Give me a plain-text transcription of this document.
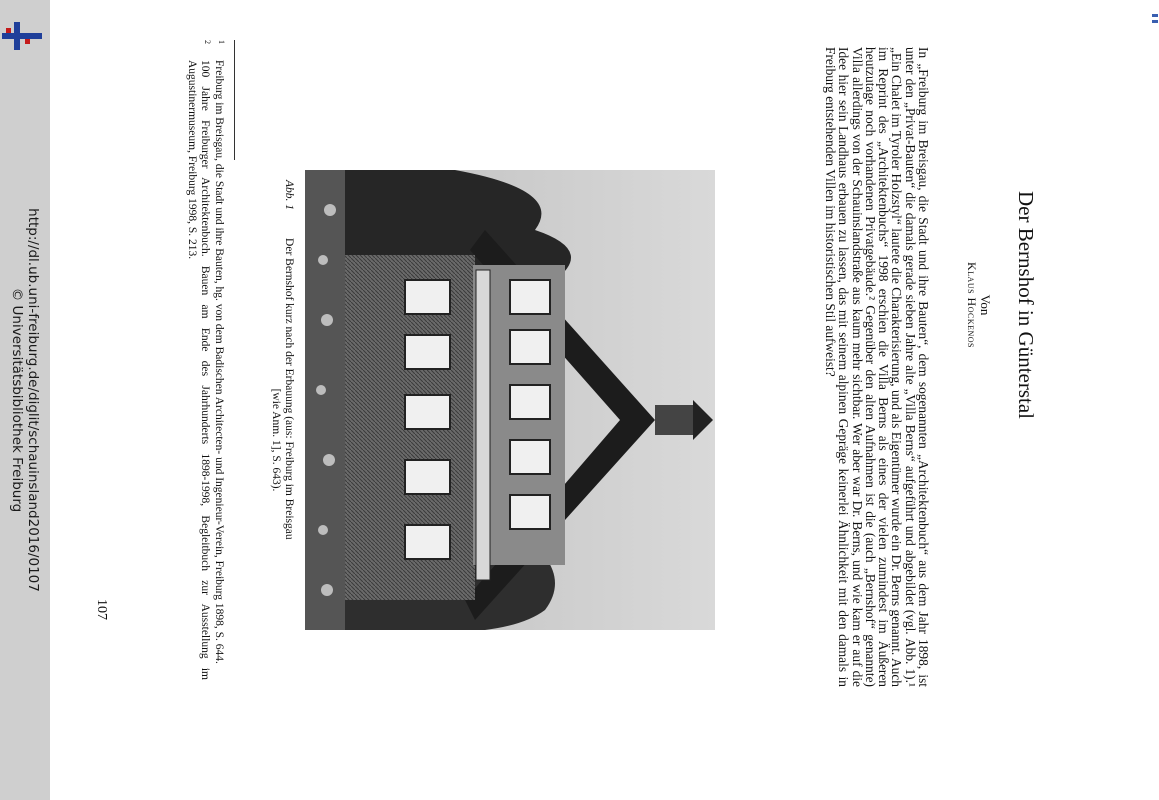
http://dl.ub.uni-freiburg.de/diglit/schauinsland2016/0107
© Universitätsbibliothek Freiburg	Der Bernshof in Günterstal
Von
Klaus Hockenos
In „Freiburg im Breisgau, die Stadt und ihre Bauten“, dem sogenannten „Architektenbuch“ aus dem Jahr 1898, ist unter den „Privat-Bauten“ die damals gerade sieben Jahre alte „Villa Berns“ aufgeführt und abgebildet (vgl. Abb. 1).¹ „Ein Chalet im Tyroler Holzstyl“ lautete die Charakterisierung, und als Eigentümer wurde ein Dr. Berns genannt. Auch im Reprint des „Architektenbuchs“ 1998 erschien die Villa Berns als eines der vielen zumindest im Äußeren heutzutage noch vorhandenen Privatgebäude.² Gegenüber den alten Aufnahmen ist die (auch „Bernshof“ genannte) Villa allerdings von der Schauinslandstraße aus kaum mehr sichtbar. Wer aber war Dr. Berns, und wie kam er auf die Idee hier sein Landhaus erbauen zu lassen, das mit seinem alpinen Gepräge keinerlei Ähnlichkeit mit den damals in Freiburg entstehenden Villen im historistischen Stil aufweist?
Abb. 1Der Bernshof kurz nach der Erbauung (aus: Freiburg im Breisgau
[wie Anm. 1], S. 643).
1
Freiburg im Breisgau, die Stadt und ihre Bauten, hg. von dem Badischen Architecten- und Ingenieur-Verein, Freiburg 1898, S. 644.
2
100 Jahre Freiburger Architektenbuch. Bauen am Ende des Jahrhunderts 1898-1998, Begleitbuch zur Ausstellung im Augustinermuseum, Freiburg 1998, S. 213.
107
